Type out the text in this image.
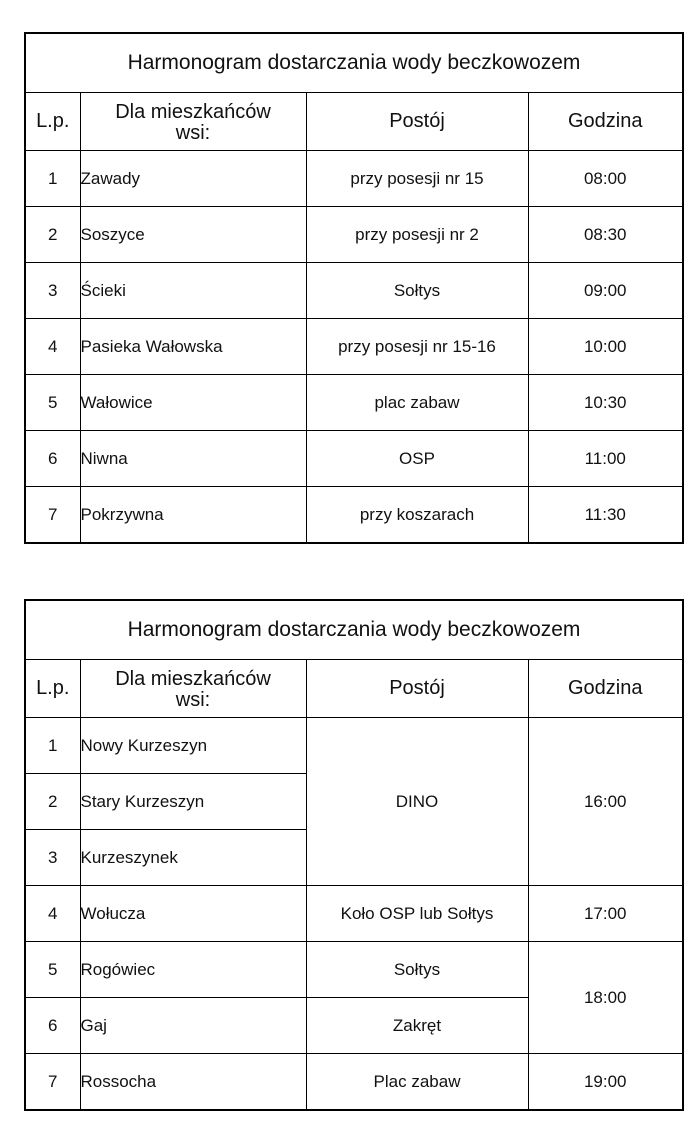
Harmonogram dostarczania wody beczkowozem			
L.p.	Dla mieszkańców
wsi:	Postój	Godzina
1	Zawady	przy posesji nr 15	08:00
2	Soszyce	przy posesji nr 2	08:30
3	Ścieki	Sołtys	09:00
4	Pasieka Wałowska	przy posesji nr 15-16	10:00
5	Wałowice	plac zabaw	10:30
6	Niwna	OSP	11:00
7	Pokrzywna	przy koszarach	11:30
Harmonogram dostarczania wody beczkowozem			
L.p.	Dla mieszkańców
wsi:	Postój	Godzina
1	Nowy Kurzeszyn	DINO	16:00
2	Stary Kurzeszyn		
3	Kurzeszynek		
4	Wołucza	Koło OSP lub Sołtys	17:00
5	Rogówiec	Sołtys	18:00
6	Gaj	Zakręt	
7	Rossocha	Plac zabaw	19:00
